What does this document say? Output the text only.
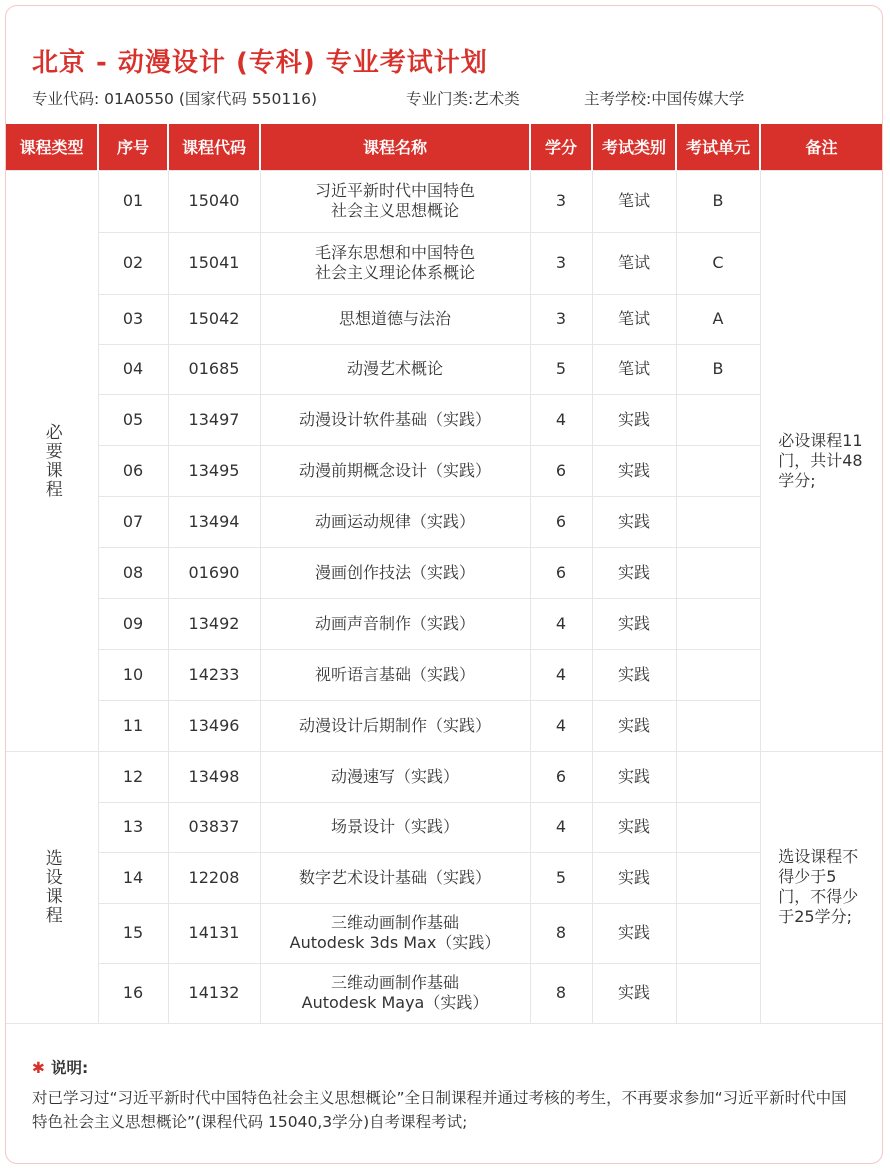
北京 - 动漫设计 (专科) 专业考试计划
专业代码: 01A0550 (国家代码 550116)	专业门类:艺术类	主考学校:中国传媒大学
课程类型	序号	课程代码	课程名称	学分	考试类别	考试单元	备注
必要课程	01	15040	习近平新时代中国特色
社会主义思想概论	3	笔试	B	必设课程11门，共计48学分;
	02	15041	毛泽东思想和中国特色
社会主义理论体系概论	3	笔试	C	
	03	15042	思想道德与法治	3	笔试	A	
	04	01685	动漫艺术概论	5	笔试	B	
	05	13497	动漫设计软件基础（实践）	4	实践		
	06	13495	动漫前期概念设计（实践）	6	实践		
	07	13494	动画运动规律（实践）	6	实践		
	08	01690	漫画创作技法（实践）	6	实践		
	09	13492	动画声音制作（实践）	4	实践		
	10	14233	视听语言基础（实践）	4	实践		
	11	13496	动漫设计后期制作（实践）	4	实践		
选设课程	12	13498	动漫速写（实践）	6	实践		选设课程不得少于5门，不得少于25学分;
	13	03837	场景设计（实践）	4	实践		
	14	12208	数字艺术设计基础（实践）	5	实践		
	15	14131	三维动画制作基础
Autodesk 3ds Max（实践）	8	实践		
	16	14132	三维动画制作基础
Autodesk Maya（实践）	8	实践		
✱ 说明:
对已学习过“习近平新时代中国特色社会主义思想概论”全日制课程并通过考核的考生，不再要求参加“习近平新时代中国特色社会主义思想概论”(课程代码 15040,3学分)自考课程考试;
